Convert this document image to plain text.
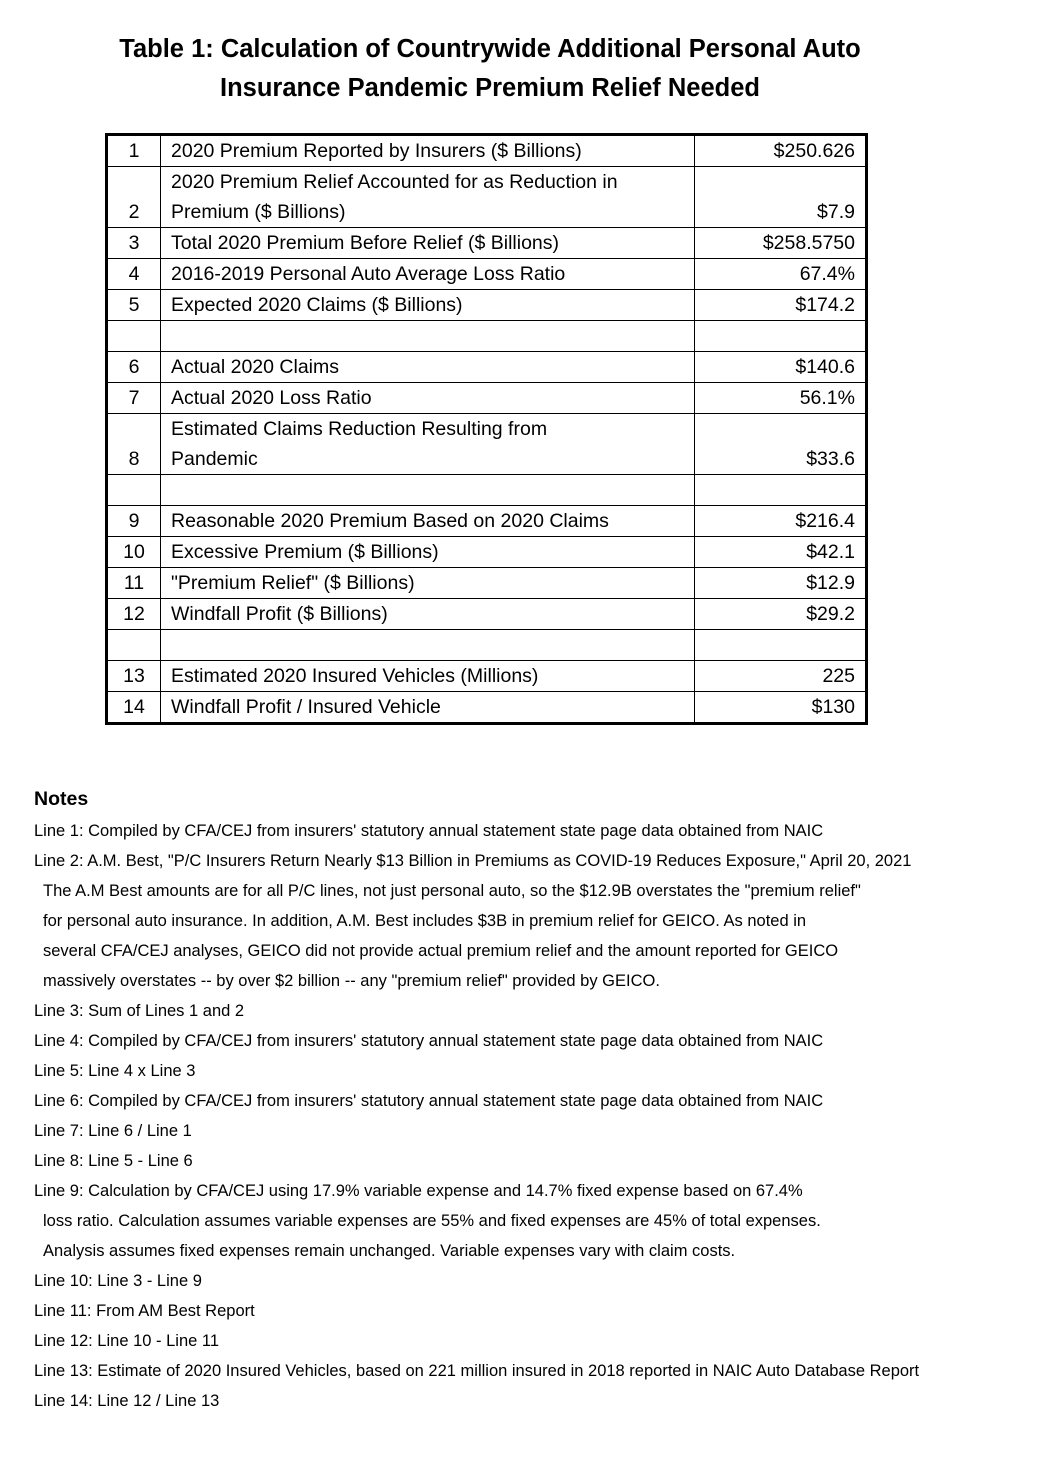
Table 1: Calculation of Countrywide Additional Personal Auto
Insurance Pandemic Premium Relief Needed
1	2020 Premium Reported by Insurers ($ Billions)	$250.626
2	2020 Premium Relief Accounted for as Reduction in
Premium ($ Billions)	$7.9
3	Total 2020 Premium Before Relief ($ Billions)	$258.5750
4	2016-2019 Personal Auto Average Loss Ratio	67.4%
5	Expected 2020 Claims ($ Billions)	$174.2

6	Actual 2020 Claims	$140.6
7	Actual 2020 Loss Ratio	56.1%
8	Estimated Claims Reduction Resulting from
Pandemic	$33.6

9	Reasonable 2020 Premium Based on 2020 Claims	$216.4
10	Excessive Premium ($ Billions)	$42.1
11	"Premium Relief" ($ Billions)	$12.9
12	Windfall Profit ($ Billions)	$29.2

13	Estimated 2020 Insured Vehicles (Millions)	225
14	Windfall Profit / Insured Vehicle	$130
Notes
Line 1: Compiled by CFA/CEJ from insurers' statutory annual statement state page data obtained from NAIC
Line 2: A.M. Best, "P/C Insurers Return Nearly $13 Billion in Premiums as COVID-19 Reduces Exposure," April 20, 2021
The A.M Best amounts are for all P/C lines, not just personal auto, so the $12.9B overstates the "premium relief"
for personal auto insurance. In addition, A.M. Best includes $3B in premium relief for GEICO. As noted in
several CFA/CEJ analyses, GEICO did not provide actual premium relief and the amount reported for GEICO
massively overstates -- by over $2 billion -- any "premium relief" provided by GEICO.
Line 3: Sum of Lines 1 and 2
Line 4: Compiled by CFA/CEJ from insurers' statutory annual statement state page data obtained from NAIC
Line 5: Line 4 x Line 3
Line 6: Compiled by CFA/CEJ from insurers' statutory annual statement state page data obtained from NAIC
Line 7: Line 6 / Line 1
Line 8: Line 5 - Line 6
Line 9: Calculation by CFA/CEJ using 17.9% variable expense and 14.7% fixed expense based on 67.4%
loss ratio. Calculation assumes variable expenses are 55% and fixed expenses are 45% of total expenses.
Analysis assumes fixed expenses remain unchanged. Variable expenses vary with claim costs.
Line 10: Line 3 - Line 9
Line 11: From AM Best Report
Line 12: Line 10 - Line 11
Line 13: Estimate of 2020 Insured Vehicles, based on 221 million insured in 2018 reported in NAIC Auto Database Report
Line 14: Line 12 / Line 13
